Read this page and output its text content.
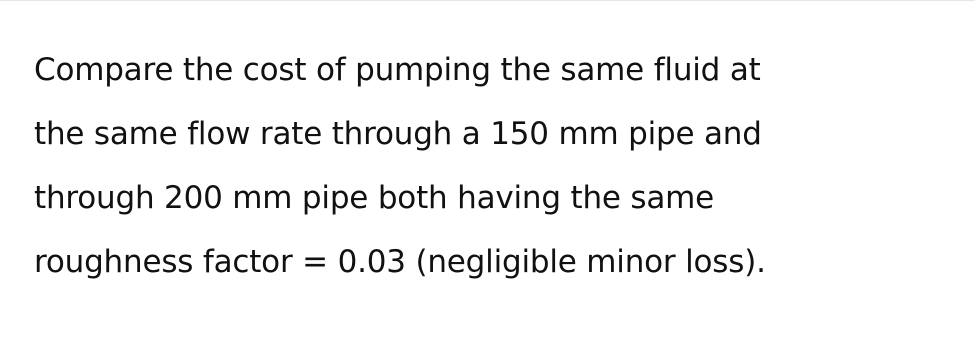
Compare the cost of pumping the same fluid at
the same flow rate through a 150 mm pipe and
through 200 mm pipe both having the same
roughness factor = 0.03 (negligible minor loss).
